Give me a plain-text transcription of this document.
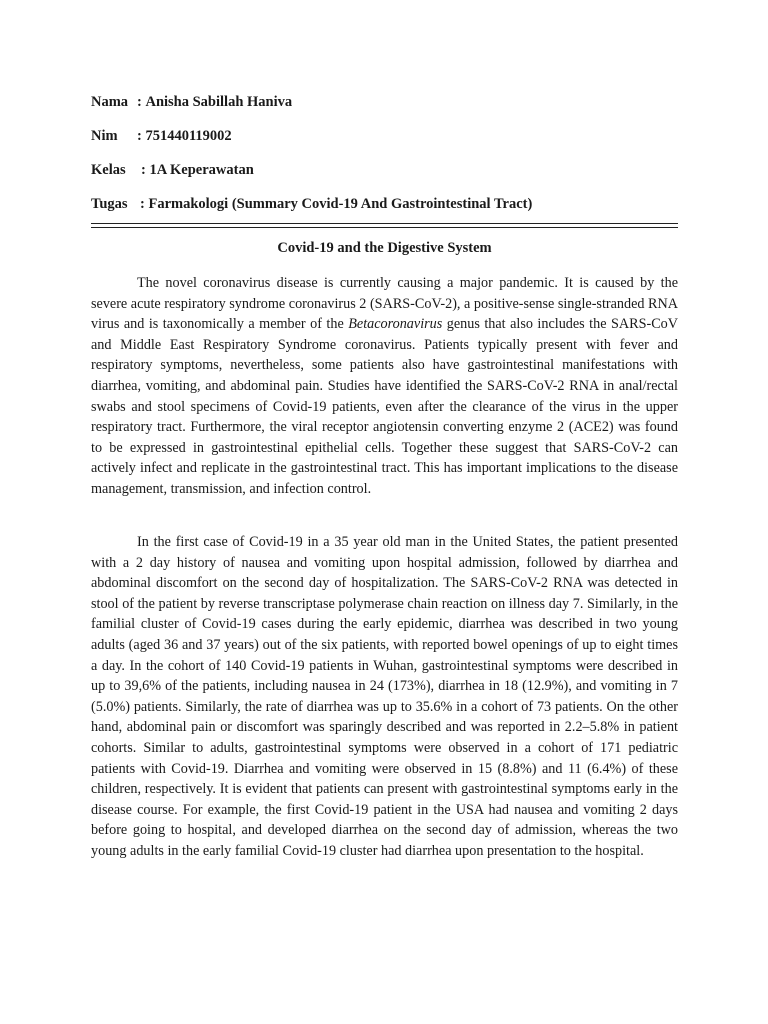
Nama : Anisha Sabillah Haniva
Nim : 751440119002
Kelas : 1A Keperawatan
Tugas : Farmakologi (Summary Covid-19 And Gastrointestinal Tract)
Covid-19 and the Digestive System

The novel coronavirus disease is currently causing a major pandemic. It is caused by the severe acute respiratory syndrome coronavirus 2 (SARS-CoV-2), a positive-sense single-stranded RNA virus and is taxonomically a member of the Betacoronavirus genus that also includes the SARS-CoV and Middle East Respiratory Syndrome coronavirus. Patients typically present with fever and respiratory symptoms, nevertheless, some patients also have gastrointestinal manifestations with diarrhea, vomiting, and abdominal pain. Studies have identified the SARS-CoV-2 RNA in anal/rectal swabs and stool specimens of Covid-19 patients, even after the clearance of the virus in the upper respiratory tract. Furthermore, the viral receptor angiotensin converting enzyme 2 (ACE2) was found to be expressed in gastrointestinal epithelial cells. Together these suggest that SARS-CoV-2 can actively infect and replicate in the gastrointestinal tract. This has important implications to the disease management, transmission, and infection control.

In the first case of Covid-19 in a 35 year old man in the United States, the patient presented with a 2 day history of nausea and vomiting upon hospital admission, followed by diarrhea and abdominal discomfort on the second day of hospitalization. The SARS-CoV-2 RNA was detected in stool of the patient by reverse transcriptase polymerase chain reaction on illness day 7. Similarly, in the familial cluster of Covid-19 cases during the early epidemic, diarrhea was described in two young adults (aged 36 and 37 years) out of the six patients, with reported bowel openings of up to eight times a day. In the cohort of 140 Covid-19 patients in Wuhan, gastrointestinal symptoms were described in up to 39,6% of the patients, including nausea in 24 (173%), diarrhea in 18 (12.9%), and vomiting in 7 (5.0%) patients. Similarly, the rate of diarrhea was up to 35.6% in a cohort of 73 patients. On the other hand, abdominal pain or discomfort was sparingly described and was reported in 2.2–5.8% in patient cohorts. Similar to adults, gastrointestinal symptoms were observed in a cohort of 171 pediatric patients with Covid-19. Diarrhea and vomiting were observed in 15 (8.8%) and 11 (6.4%) of these children, respectively. It is evident that patients can present with gastrointestinal symptoms early in the disease course. For example, the first Covid-19 patient in the USA had nausea and vomiting 2 days before going to hospital, and developed diarrhea on the second day of admission, whereas the two young adults in the early familial Covid-19 cluster had diarrhea upon presentation to the hospital.
